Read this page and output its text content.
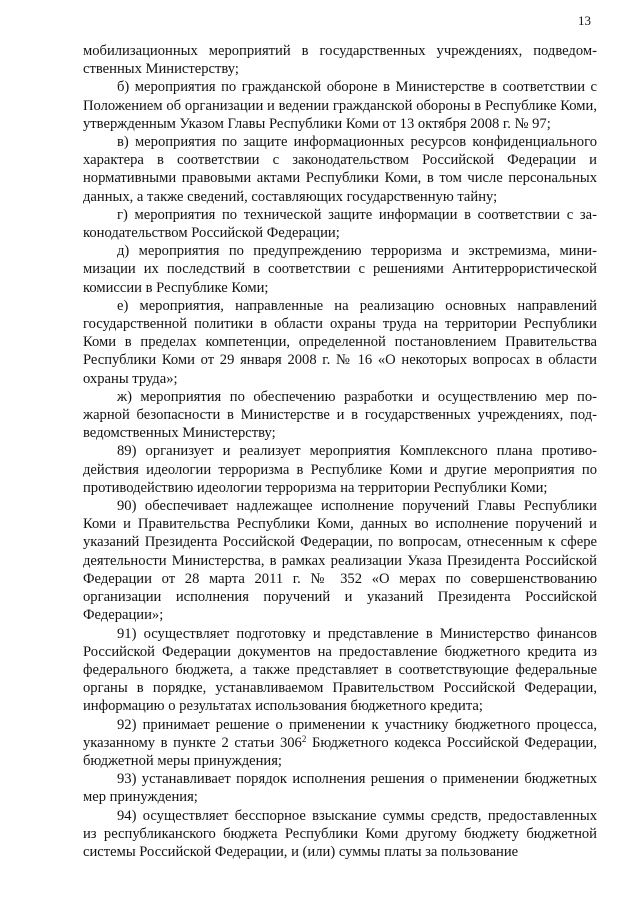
13

мобилизационных мероприятий в государственных учреждениях, подведомственных Министерству;

б) мероприятия по гражданской обороне в Министерстве в соответствии с Положением об организации и ведении гражданской обороны в Республике Коми, утвержденным Указом Главы Республики Коми от 13 октября 2008 г. № 97;

в) мероприятия по защите информационных ресурсов конфиденциального характера в соответствии с законодательством Российской Федерации и нормативными правовыми актами Республики Коми, в том числе персональных данных, а также сведений, составляющих государственную тайну;

г) мероприятия по технической защите информации в соответствии с законодательством Российской Федерации;

д) мероприятия по предупреждению терроризма и экстремизма, минимизации их последствий в соответствии с решениями Антитеррористической комиссии в Республике Коми;

е) мероприятия, направленные на реализацию основных направлений государственной политики в области охраны труда на территории Республики Коми в пределах компетенции, определенной постановлением Правительства Республики Коми от 29 января 2008 г. № 16 «О некоторых вопросах в области охраны труда»;

ж) мероприятия по обеспечению разработки и осуществлению мер пожарной безопасности в Министерстве и в государственных учреждениях, подведомственных Министерству;

89) организует и реализует мероприятия Комплексного плана противодействия идеологии терроризма в Республике Коми и другие мероприятия по противодействию идеологии терроризма на территории Республики Коми;

90) обеспечивает надлежащее исполнение поручений Главы Республики Коми и Правительства Республики Коми, данных во исполнение поручений и указаний Президента Российской Федерации, по вопросам, отнесенным к сфере деятельности Министерства, в рамках реализации Указа Президента Российской Федерации от 28 марта 2011 г. № 352 «О мерах по совершенствованию организации исполнения поручений и указаний Президента Российской Федерации»;

91) осуществляет подготовку и представление в Министерство финансов Российской Федерации документов на предоставление бюджетного кредита из федерального бюджета, а также представляет в соответствующие федеральные органы в порядке, устанавливаемом Правительством Российской Федерации, информацию о результатах использования бюджетного кредита;

92) принимает решение о применении к участнику бюджетного процесса, указанному в пункте 2 статьи $306^2$ Бюджетного кодекса Российской Федерации, бюджетной меры принуждения;

93) устанавливает порядок исполнения решения о применении бюджетных мер принуждения;

94) осуществляет бесспорное взыскание суммы средств, предоставленных из республиканского бюджета Республики Коми другому бюджету бюджетной системы Российской Федерации, и (или) суммы платы за пользование
